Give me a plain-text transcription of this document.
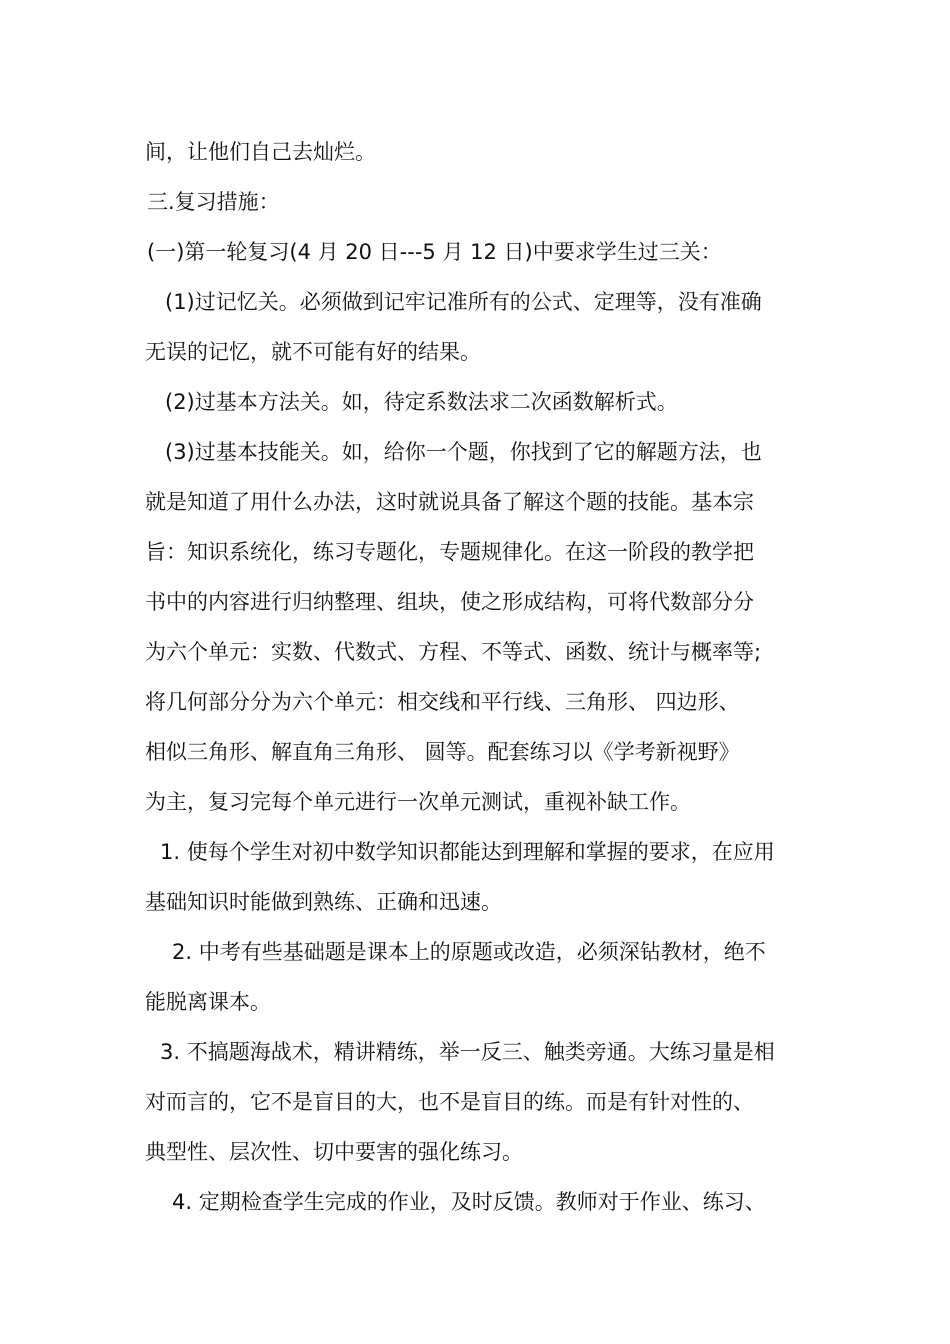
间，让他们自己去灿烂。
三.复习措施：
(一)第一轮复习(4 月 20 日---5 月 12 日)中要求学生过三关：
(1)过记忆关。必须做到记牢记准所有的公式、定理等，没有准确
无误的记忆，就不可能有好的结果。
(2)过基本方法关。如，待定系数法求二次函数解析式。
(3)过基本技能关。如，给你一个题，你找到了它的解题方法，也
就是知道了用什么办法，这时就说具备了解这个题的技能。基本宗
旨：知识系统化，练习专题化，专题规律化。在这一阶段的教学把
书中的内容进行归纳整理、组块，使之形成结构，可将代数部分分
为六个单元：实数、代数式、方程、不等式、函数、统计与概率等;
将几何部分分为六个单元：相交线和平行线、三角形、 四边形、
相似三角形、解直角三角形、 圆等。配套练习以《学考新视野》
为主，复习完每个单元进行一次单元测试，重视补缺工作。
1. 使每个学生对初中数学知识都能达到理解和掌握的要求，在应用
基础知识时能做到熟练、正确和迅速。
2. 中考有些基础题是课本上的原题或改造，必须深钻教材，绝不
能脱离课本。
3. 不搞题海战术，精讲精练，举一反三、触类旁通。大练习量是相
对而言的，它不是盲目的大，也不是盲目的练。而是有针对性的、
典型性、层次性、切中要害的强化练习。
4. 定期检查学生完成的作业，及时反馈。教师对于作业、练习、
